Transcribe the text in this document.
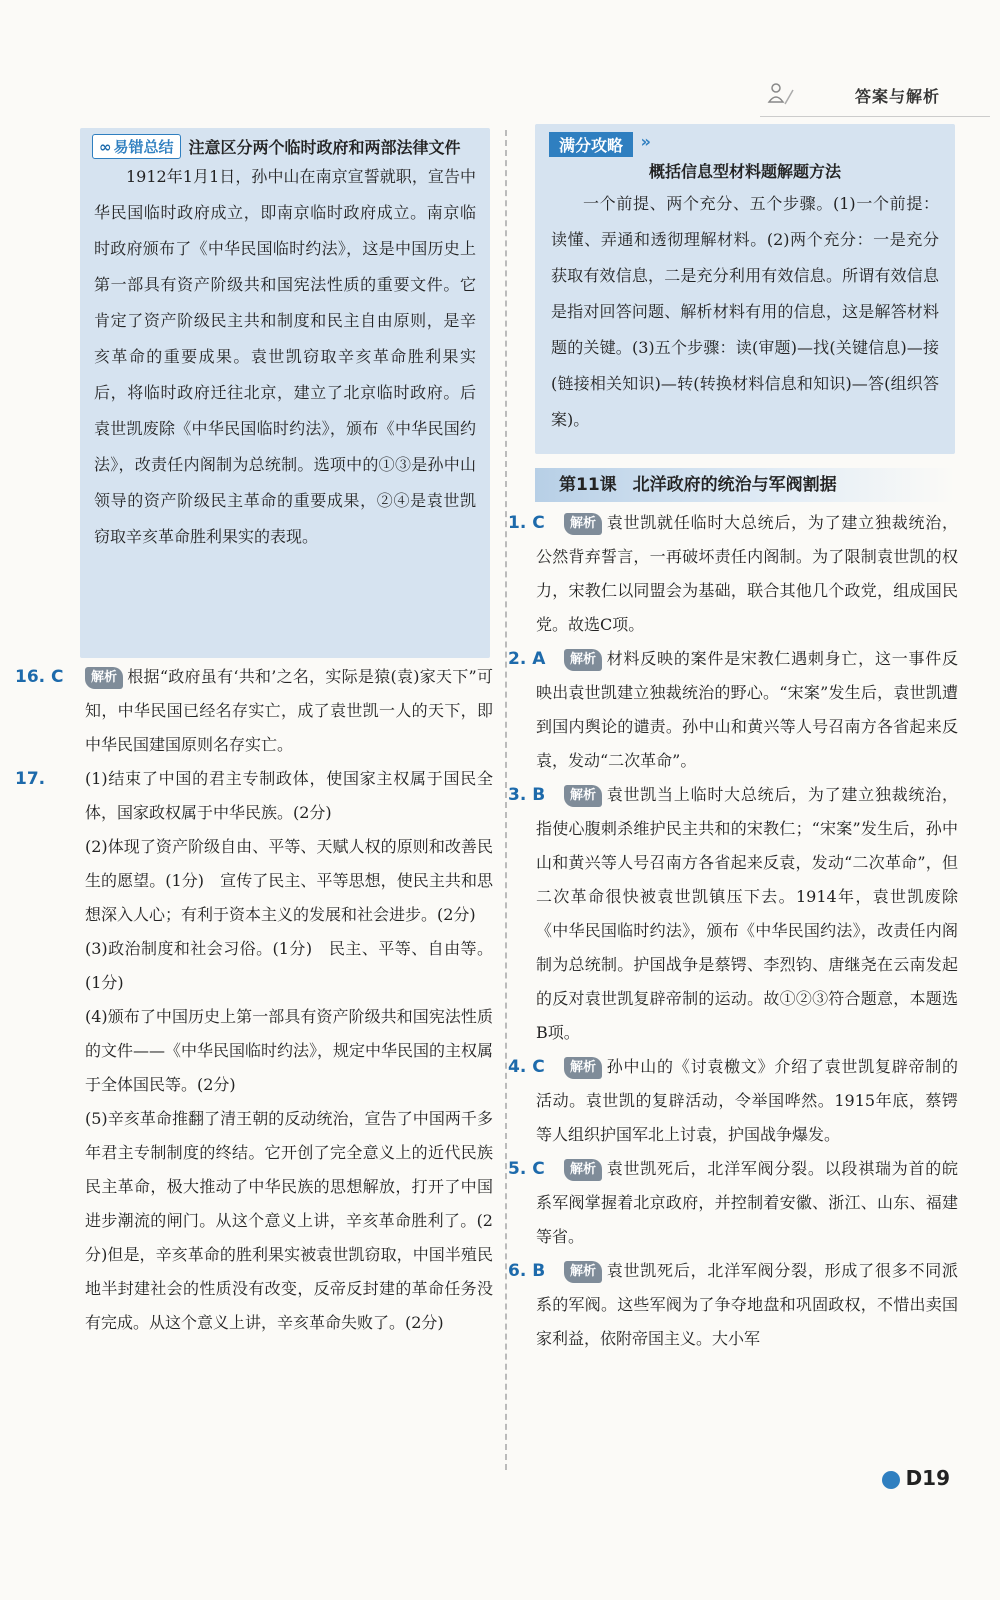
答案与解析
∞ 易错总结 注意区分两个临时政府和两部法律文件

1912年1月1日，孙中山在南京宣誓就职，宣告中华民国临时政府成立，即南京临时政府成立。南京临时政府颁布了《中华民国临时约法》，这是中国历史上第一部具有资产阶级共和国宪法性质的重要文件。它肯定了资产阶级民主共和制度和民主自由原则，是辛亥革命的重要成果。袁世凯窃取辛亥革命胜利果实后，将临时政府迁往北京，建立了北京临时政府。后袁世凯废除《中华民国临时约法》，颁布《中华民国约法》，改责任内阁制为总统制。选项中的①③是孙中山领导的资产阶级民主革命的重要成果，②④是袁世凯窃取辛亥革命胜利果实的表现。

16. C 解析 根据“政府虽有‘共和’之名，实际是猿(袁)家天下”可知，中华民国已经名存实亡，成了袁世凯一人的天下，即中华民国建国原则名存实亡。

17. (1)结束了中国的君主专制政体，使国家主权属于国民全体，国家政权属于中华民族。(2分)

(2)体现了资产阶级自由、平等、天赋人权的原则和改善民生的愿望。(1分)　宣传了民主、平等思想，使民主共和思想深入人心；有利于资本主义的发展和社会进步。(2分)

(3)政治制度和社会习俗。(1分)　民主、平等、自由等。(1分)

(4)颁布了中国历史上第一部具有资产阶级共和国宪法性质的文件——《中华民国临时约法》，规定中华民国的主权属于全体国民等。(2分)

(5)辛亥革命推翻了清王朝的反动统治，宣告了中国两千多年君主专制制度的终结。它开创了完全意义上的近代民族民主革命，极大推动了中华民族的思想解放，打开了中国进步潮流的闸门。从这个意义上讲，辛亥革命胜利了。(2分)但是，辛亥革命的胜利果实被袁世凯窃取，中国半殖民地半封建社会的性质没有改变，反帝反封建的革命任务没有完成。从这个意义上讲，辛亥革命失败了。(2分)

满分攻略 »
概括信息型材料题解题方法

一个前提、两个充分、五个步骤。(1)一个前提：读懂、弄通和透彻理解材料。(2)两个充分：一是充分获取有效信息，二是充分利用有效信息。所谓有效信息是指对回答问题、解析材料有用的信息，这是解答材料题的关键。(3)五个步骤：读(审题)—找(关键信息)—接(链接相关知识)—转(转换材料信息和知识)—答(组织答案)。

第11课 北洋政府的统治与军阀割据

1. C 解析 袁世凯就任临时大总统后，为了建立独裁统治，公然背弃誓言，一再破坏责任内阁制。为了限制袁世凯的权力，宋教仁以同盟会为基础，联合其他几个政党，组成国民党。故选C项。

2. A 解析 材料反映的案件是宋教仁遇刺身亡，这一事件反映出袁世凯建立独裁统治的野心。“宋案”发生后，袁世凯遭到国内舆论的谴责。孙中山和黄兴等人号召南方各省起来反袁，发动“二次革命”。

3. B 解析 袁世凯当上临时大总统后，为了建立独裁统治，指使心腹刺杀维护民主共和的宋教仁；“宋案”发生后，孙中山和黄兴等人号召南方各省起来反袁，发动“二次革命”，但二次革命很快被袁世凯镇压下去。1914年，袁世凯废除《中华民国临时约法》，颁布《中华民国约法》，改责任内阁制为总统制。护国战争是蔡锷、李烈钧、唐继尧在云南发起的反对袁世凯复辟帝制的运动。故①②③符合题意，本题选B项。

4. C 解析 孙中山的《讨袁檄文》介绍了袁世凯复辟帝制的活动。袁世凯的复辟活动，令举国哗然。1915年底，蔡锷等人组织护国军北上讨袁，护国战争爆发。

5. C 解析 袁世凯死后，北洋军阀分裂。以段祺瑞为首的皖系军阀掌握着北京政府，并控制着安徽、浙江、山东、福建等省。

6. B 解析 袁世凯死后，北洋军阀分裂，形成了很多不同派系的军阀。这些军阀为了争夺地盘和巩固政权，不惜出卖国家利益，依附帝国主义。大小军

D19
